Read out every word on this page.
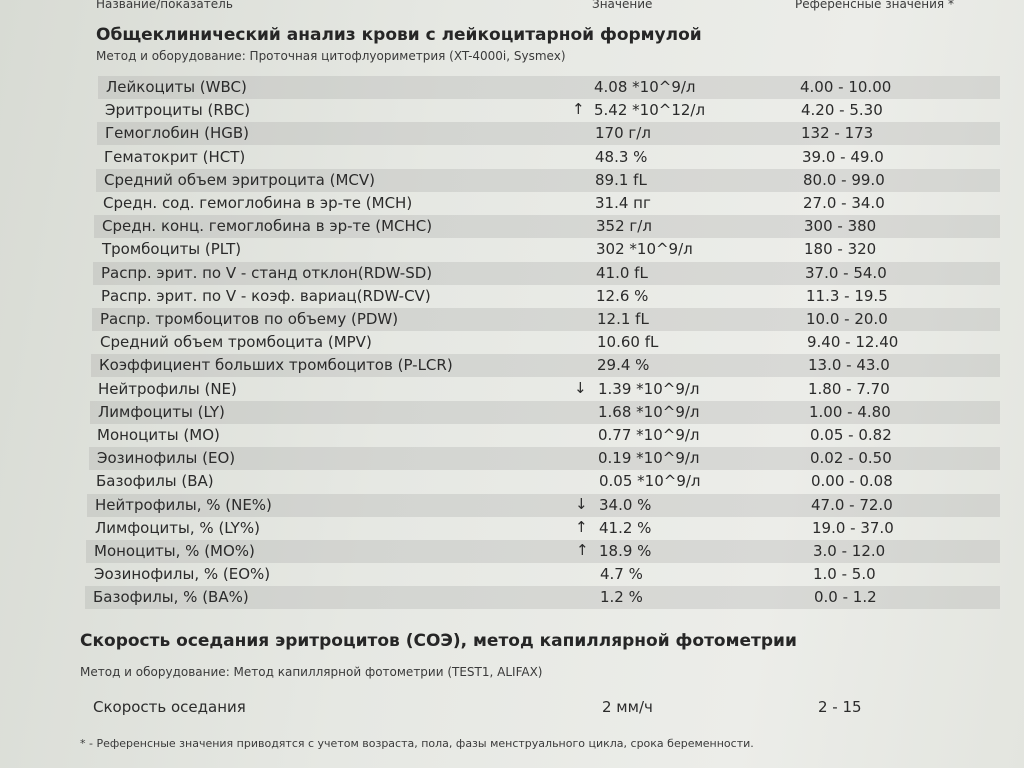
Название/показатель	Значение	Референсные значения *
Общеклинический анализ крови с лейкоцитарной формулой
Метод и оборудование: Проточная цитофлуориметрия (XT-4000i, Sysmex)
Лейкоциты (WBC)	4.08 *10^9/л	4.00 - 10.00
Эритроциты (RBC)	↑ 5.42 *10^12/л	4.20 - 5.30
Гемоглобин (HGB)	170 г/л	132 - 173
Гематокрит (HCT)	48.3 %	39.0 - 49.0
Средний объем эритроцита (MCV)	89.1 fL	80.0 - 99.0
Средн. сод. гемоглобина в эр-те (MCH)	31.4 пг	27.0 - 34.0
Средн. конц. гемоглобина в эр-те (MCHC)	352 г/л	300 - 380
Тромбоциты (PLT)	302 *10^9/л	180 - 320
Распр. эрит. по V - станд отклон(RDW-SD)	41.0 fL	37.0 - 54.0
Распр. эрит. по V - коэф. вариац(RDW-CV)	12.6 %	11.3 - 19.5
Распр. тромбоцитов по объему (PDW)	12.1 fL	10.0 - 20.0
Средний объем тромбоцита (MPV)	10.60 fL	9.40 - 12.40
Коэффициент больших тромбоцитов (P-LCR)	29.4 %	13.0 - 43.0
Нейтрофилы (NE)	↓ 1.39 *10^9/л	1.80 - 7.70
Лимфоциты (LY)	1.68 *10^9/л	1.00 - 4.80
Моноциты (MO)	0.77 *10^9/л	0.05 - 0.82
Эозинофилы (EO)	0.19 *10^9/л	0.02 - 0.50
Базофилы (BA)	0.05 *10^9/л	0.00 - 0.08
Нейтрофилы, % (NE%)	↓ 34.0 %	47.0 - 72.0
Лимфоциты, % (LY%)	↑ 41.2 %	19.0 - 37.0
Моноциты, % (MO%)	↑ 18.9 %	3.0 - 12.0
Эозинофилы, % (EO%)	4.7 %	1.0 - 5.0
Базофилы, % (BA%)	1.2 %	0.0 - 1.2
Скорость оседания	2 мм/ч	2 - 15
Скорость оседания эритроцитов (СОЭ), метод капиллярной фотометрии
Метод и оборудование: Метод капиллярной фотометрии (TEST1, ALIFAX)
* - Референсные значения приводятся с учетом возраста, пола, фазы менструального цикла, срока беременности.
